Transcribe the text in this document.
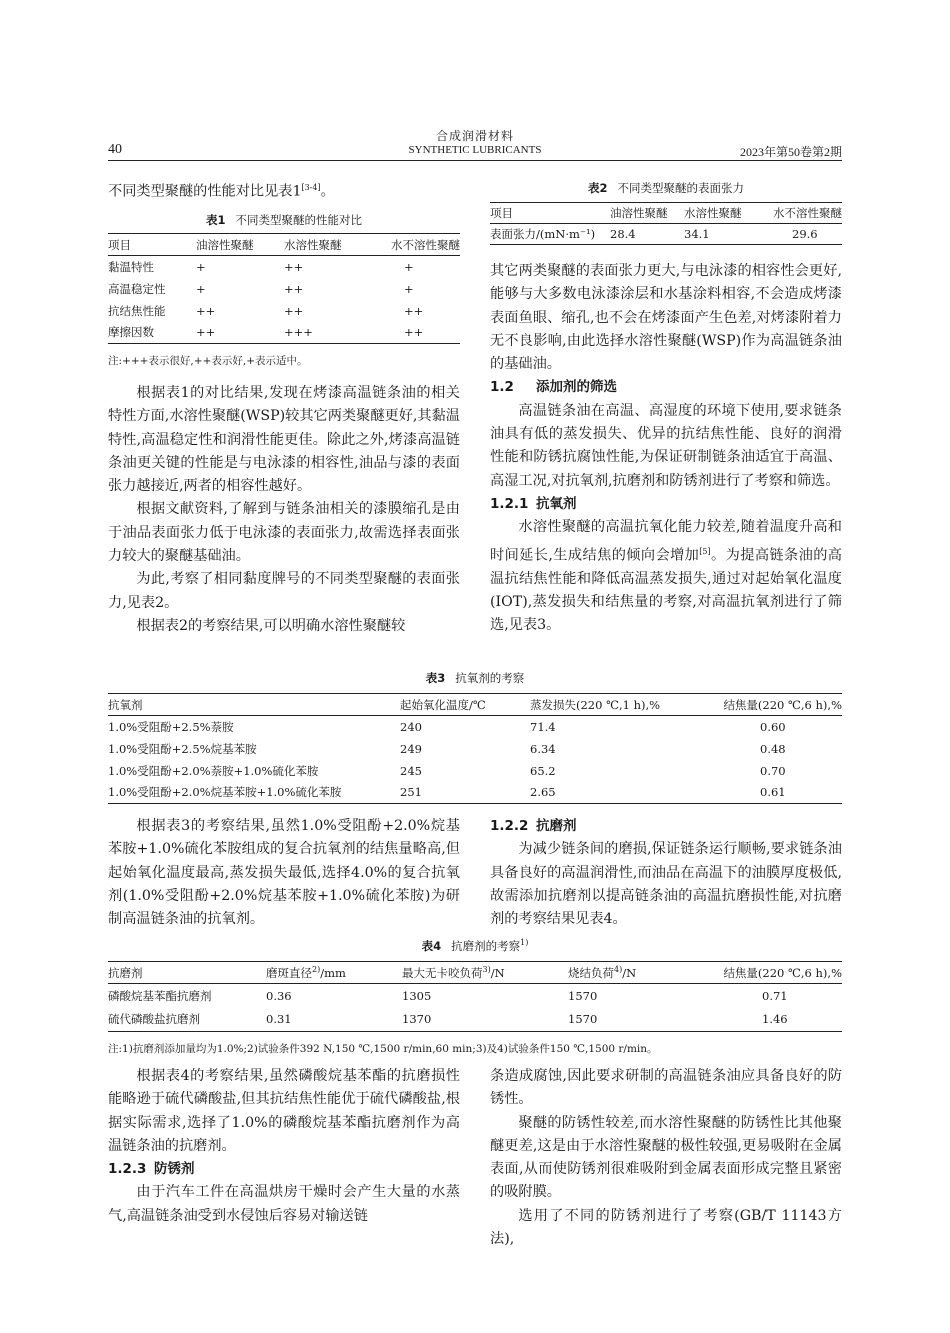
合成润滑材料
SYNTHETIC LUBRICANTS
40	2023年第50卷第2期

不同类型聚醚的性能对比见表1[3-4]。

表1 不同类型聚醚的性能对比
项目	油溶性聚醚	水溶性聚醚	水不溶性聚醚
黏温特性	+	++	+
高温稳定性	+	++	+
抗结焦性能	++	++	++
摩擦因数	++	+++	++
注:+++表示很好,++表示好,+表示适中。

根据表1的对比结果,发现在烤漆高温链条油的相关特性方面,水溶性聚醚(WSP)较其它两类聚醚更好,其黏温特性,高温稳定性和润滑性能更佳。除此之外,烤漆高温链条油更关键的性能是与电泳漆的相容性,油品与漆的表面张力越接近,两者的相容性越好。

根据文献资料,了解到与链条油相关的漆膜缩孔是由于油品表面张力低于电泳漆的表面张力,故需选择表面张力较大的聚醚基础油。

为此,考察了相同黏度牌号的不同类型聚醚的表面张力,见表2。

根据表2的考察结果,可以明确水溶性聚醚较

表2 不同类型聚醚的表面张力
项目	油溶性聚醚	水溶性聚醚	水不溶性聚醚
表面张力/(mN·m⁻¹)	28.4	34.1	29.6

其它两类聚醚的表面张力更大,与电泳漆的相容性会更好,能够与大多数电泳漆涂层和水基涂料相容,不会造成烤漆表面鱼眼、缩孔,也不会在烤漆面产生色差,对烤漆附着力无不良影响,由此选择水溶性聚醚(WSP)作为高温链条油的基础油。

1.2 添加剂的筛选

高温链条油在高温、高湿度的环境下使用,要求链条油具有低的蒸发损失、优异的抗结焦性能、良好的润滑性能和防锈抗腐蚀性能,为保证研制链条油适宜于高温、高湿工况,对抗氧剂,抗磨剂和防锈剂进行了考察和筛选。

1.2.1 抗氧剂

水溶性聚醚的高温抗氧化能力较差,随着温度升高和时间延长,生成结焦的倾向会增加[5]。为提高链条油的高温抗结焦性能和降低高温蒸发损失,通过对起始氧化温度(IOT),蒸发损失和结焦量的考察,对高温抗氧剂进行了筛选,见表3。

表3 抗氧剂的考察
抗氧剂	起始氧化温度/℃	蒸发损失(220 ℃,1 h),%	结焦量(220 ℃,6 h),%
1.0%受阻酚+2.5%萘胺	240	71.4	0.60
1.0%受阻酚+2.5%烷基苯胺	249	6.34	0.48
1.0%受阻酚+2.0%萘胺+1.0%硫化苯胺	245	65.2	0.70
1.0%受阻酚+2.0%烷基苯胺+1.0%硫化苯胺	251	2.65	0.61

根据表3的考察结果,虽然1.0%受阻酚+2.0%烷基苯胺+1.0%硫化苯胺组成的复合抗氧剂的结焦量略高,但起始氧化温度最高,蒸发损失最低,选择4.0%的复合抗氧剂(1.0%受阻酚+2.0%烷基苯胺+1.0%硫化苯胺)为研制高温链条油的抗氧剂。

1.2.2 抗磨剂

为减少链条间的磨损,保证链条运行顺畅,要求链条油具备良好的高温润滑性,而油品在高温下的油膜厚度极低,故需添加抗磨剂以提高链条油的高温抗磨损性能,对抗磨剂的考察结果见表4。

表4 抗磨剂的考察$^{1)}$
抗磨剂	磨斑直径$^{2)}$/mm	最大无卡咬负荷$^{3)}$/N	烧结负荷$^{4)}$/N	结焦量(220 ℃,6 h),%
磷酸烷基苯酯抗磨剂	0.36	1305	1570	0.71
硫代磷酸盐抗磨剂	0.31	1370	1570	1.46
注:1)抗磨剂添加量均为1.0%;2)试验条件392 N,150 ℃,1500 r/min,60 min;3)及4)试验条件150 ℃,1500 r/min。

根据表4的考察结果,虽然磷酸烷基苯酯的抗磨损性能略逊于硫代磷酸盐,但其抗结焦性能优于硫代磷酸盐,根据实际需求,选择了1.0%的磷酸烷基苯酯抗磨剂作为高温链条油的抗磨剂。

1.2.3 防锈剂

由于汽车工件在高温烘房干燥时会产生大量的水蒸气,高温链条油受到水侵蚀后容易对输送链

条造成腐蚀,因此要求研制的高温链条油应具备良好的防锈性。

聚醚的防锈性较差,而水溶性聚醚的防锈性比其他聚醚更差,这是由于水溶性聚醚的极性较强,更易吸附在金属表面,从而使防锈剂很难吸附到金属表面形成完整且紧密的吸附膜。

选用了不同的防锈剂进行了考察(GB/T 11143方法),
